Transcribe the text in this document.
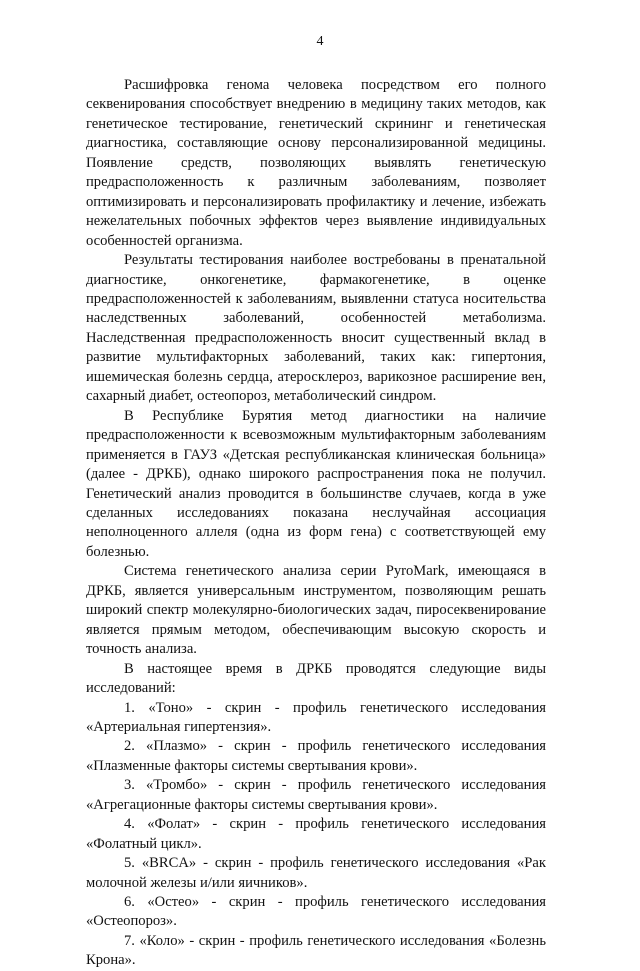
4

Расшифровка генома человека посредством его полного секвенирования способствует внедрению в медицину таких методов, как генетическое тестирование, генетический скрининг и генетическая диагностика, составляющие основу персонализированной медицины. Появление средств, позволяющих выявлять генетическую предрасположенность к различным заболеваниям, позволяет оптимизировать и персонализировать профилактику и лечение, избежать нежелательных побочных эффектов через выявление индивидуальных особенностей организма.

Результаты тестирования наиболее востребованы в пренатальной диагностике, онкогенетике, фармакогенетике, в оценке предрасположенностей к заболеваниям, выявленни статуса носительства наследственных заболеваний, особенностей метаболизма. Наследственная предрасположенность вносит существенный вклад в развитие мультифакторных заболеваний, таких как: гипертония, ишемическая болезнь сердца, атеросклероз, варикозное расширение вен, сахарный диабет, остеопороз, метаболический синдром.

В Республике Бурятия метод диагностики на наличие предрасположенности к всевозможным мультифакторным заболеваниям применяется в ГАУЗ «Детская республиканская клиническая больница» (далее - ДРКБ), однако широкого распространения пока не получил. Генетический анализ проводится в большинстве случаев, когда в уже сделанных исследованиях показана неслучайная ассоциация неполноценного аллеля (одна из форм гена) с соответствующей ему болезнью.

Система генетического анализа серии PyroMark, имеющаяся в ДРКБ, является универсальным инструментом, позволяющим решать широкий спектр молекулярно-биологических задач, пиросеквенирование является прямым методом, обеспечивающим высокую скорость и точность анализа.

В настоящее время в ДРКБ проводятся следующие виды исследований:

1. «Тоно» - скрин - профиль генетического исследования «Артериальная гипертензия».

2. «Плазмо» - скрин - профиль генетического исследования «Плазменные факторы системы свертывания крови».

3. «Тромбо» - скрин - профиль генетического исследования «Агрегационные факторы системы свертывания крови».

4. «Фолат» - скрин - профиль генетического исследования «Фолатный цикл».

5. «BRCA» - скрин - профиль генетического исследования «Рак молочной железы и/или яичников».

6. «Остео» - скрин - профиль генетического исследования «Остеопороз».

7. «Коло» - скрин - профиль генетического исследования «Болезнь Крона».
